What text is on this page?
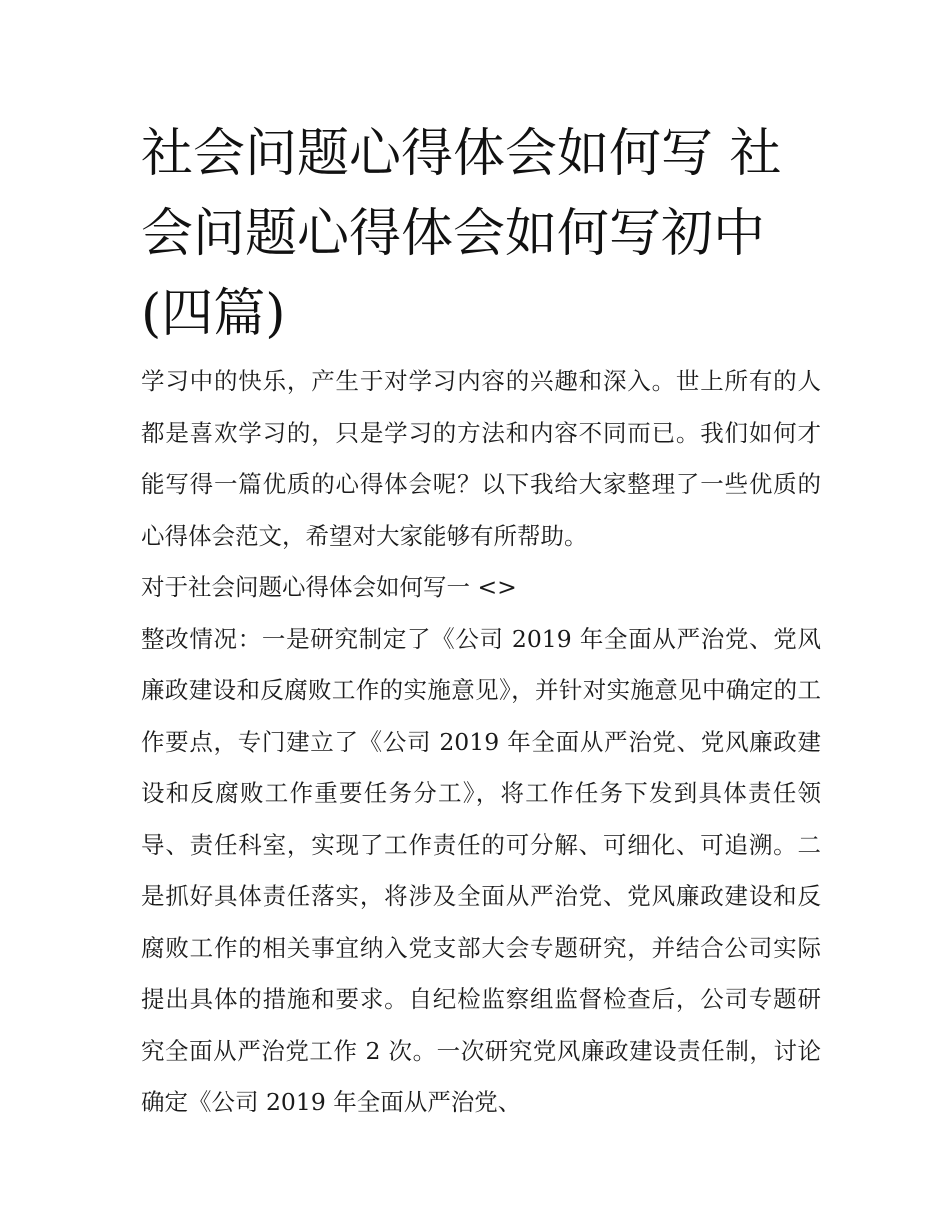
社会问题心得体会如何写 社会问题心得体会如何写初中(四篇)

学习中的快乐，产生于对学习内容的兴趣和深入。世上所有的人都是喜欢学习的，只是学习的方法和内容不同而已。我们如何才能写得一篇优质的心得体会呢？以下我给大家整理了一些优质的心得体会范文，希望对大家能够有所帮助。

对于社会问题心得体会如何写一 <>

整改情况：一是研究制定了《公司 2019 年全面从严治党、党风廉政建设和反腐败工作的实施意见》，并针对实施意见中确定的工作要点，专门建立了《公司 2019 年全面从严治党、党风廉政建设和反腐败工作重要任务分工》，将工作任务下发到具体责任领导、责任科室，实现了工作责任的可分解、可细化、可追溯。二是抓好具体责任落实，将涉及全面从严治党、党风廉政建设和反腐败工作的相关事宜纳入党支部大会专题研究，并结合公司实际提出具体的措施和要求。自纪检监察组监督检查后，公司专题研究全面从严治党工作 2 次。一次研究党风廉政建设责任制，讨论确定《公司 2019 年全面从严治党、
